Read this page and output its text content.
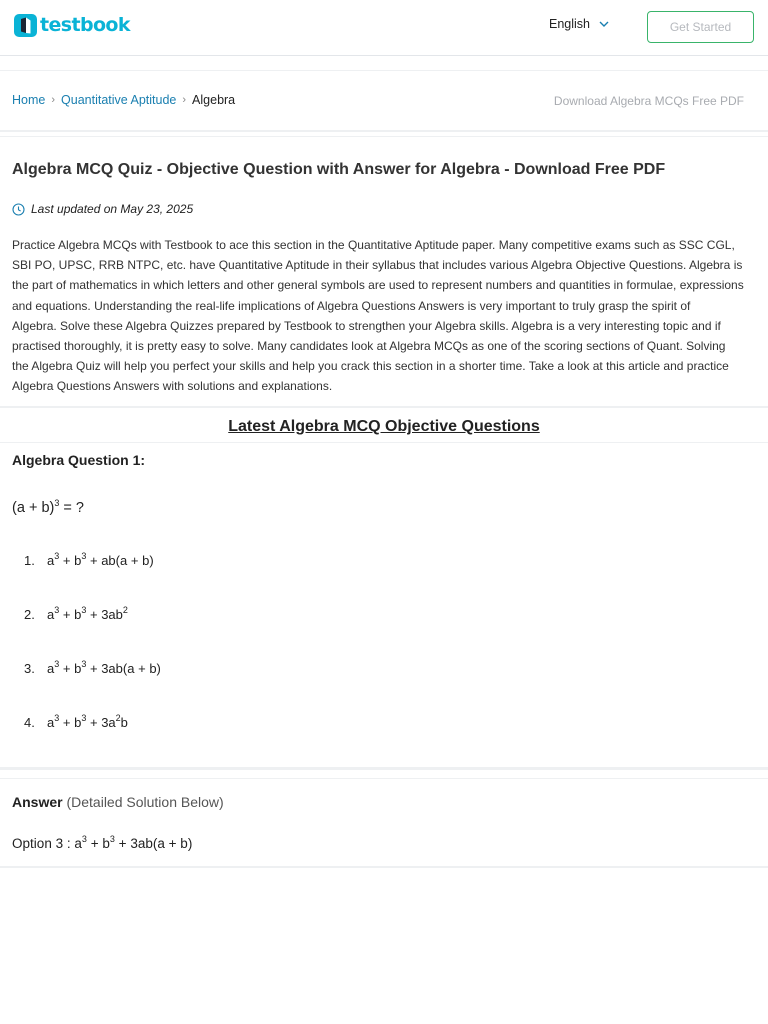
testbook	English	Get Started
Home › Quantitative Aptitude › Algebra	Download Algebra MCQs Free PDF
Algebra MCQ Quiz - Objective Question with Answer for Algebra - Download Free PDF
Last updated on May 23, 2025
Practice Algebra MCQs with Testbook to ace this section in the Quantitative Aptitude paper. Many competitive exams such as SSC CGL,
SBI PO, UPSC, RRB NTPC, etc. have Quantitative Aptitude in their syllabus that includes various Algebra Objective Questions. Algebra is
the part of mathematics in which letters and other general symbols are used to represent numbers and quantities in formulae, expressions
and equations. Understanding the real-life implications of Algebra Questions Answers is very important to truly grasp the spirit of
Algebra. Solve these Algebra Quizzes prepared by Testbook to strengthen your Algebra skills. Algebra is a very interesting topic and if
practised thoroughly, it is pretty easy to solve. Many candidates look at Algebra MCQs as one of the scoring sections of Quant. Solving
the Algebra Quiz will help you perfect your skills and help you crack this section in a shorter time. Take a look at this article and practice
Algebra Questions Answers with solutions and explanations.
Latest Algebra MCQ Objective Questions
Algebra Question 1:
$(a + b)^3$ = ?
1. $a^3 + b^3 + ab(a + b)$
2. $a^3 + b^3 + 3ab^2$
3. $a^3 + b^3 + 3ab(a + b)$
4. $a^3 + b^3 + 3a^2b$
Answer (Detailed Solution Below)
Option 3 : $a^3 + b^3 + 3ab(a + b)$
